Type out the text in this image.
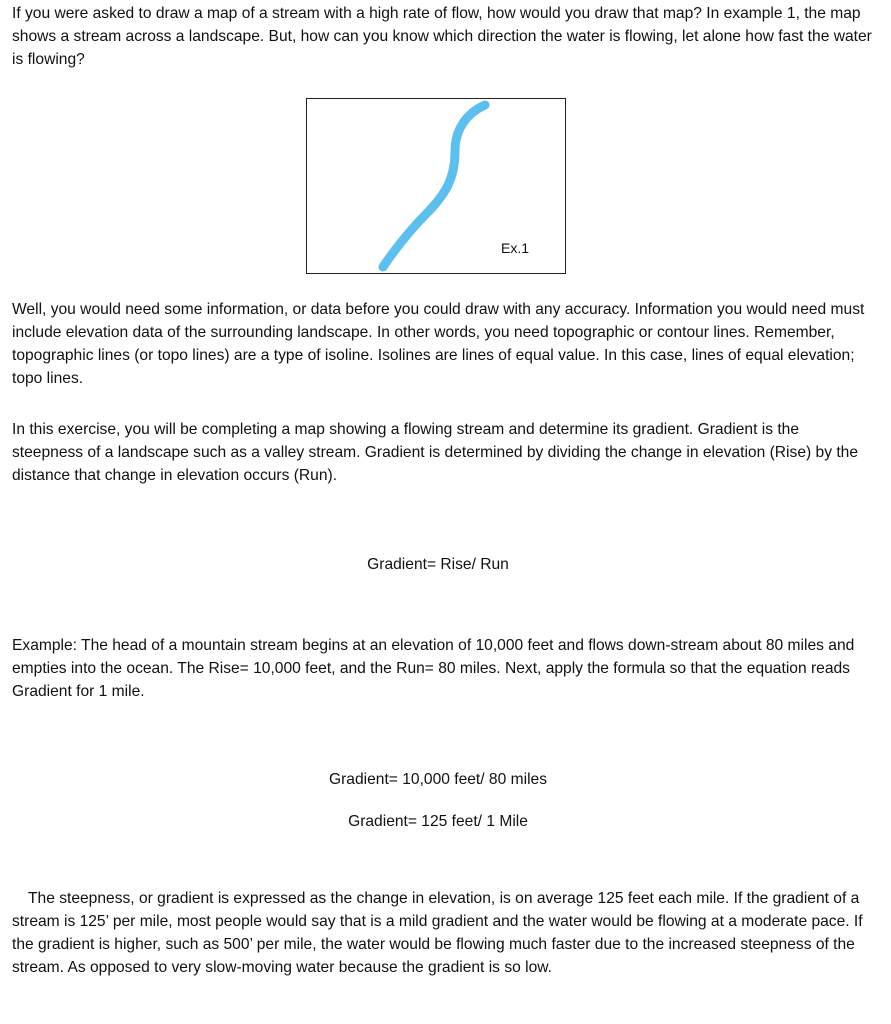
If you were asked to draw a map of a stream with a high rate of flow, how would you draw that map? In example 1, the map shows a stream across a landscape. But, how can you know which direction the water is flowing, let alone how fast the water is flowing?

Ex.1

Well, you would need some information, or data before you could draw with any accuracy. Information you would need must include elevation data of the surrounding landscape. In other words, you need topographic or contour lines. Remember, topographic lines (or topo lines) are a type of isoline. Isolines are lines of equal value. In this case, lines of equal elevation; topo lines.

In this exercise, you will be completing a map showing a flowing stream and determine its gradient. Gradient is the steepness of a landscape such as a valley stream. Gradient is determined by dividing the change in elevation (Rise) by the distance that change in elevation occurs (Run).

Gradient= Rise/ Run

Example: The head of a mountain stream begins at an elevation of 10,000 feet and flows down-stream about 80 miles and empties into the ocean. The Rise= 10,000 feet, and the Run= 80 miles. Next, apply the formula so that the equation reads Gradient for 1 mile.

Gradient= 10,000 feet/ 80 miles

Gradient= 125 feet/ 1 Mile

The steepness, or gradient is expressed as the change in elevation, is on average 125 feet each mile. If the gradient of a stream is 125’ per mile, most people would say that is a mild gradient and the water would be flowing at a moderate pace. If the gradient is higher, such as 500’ per mile, the water would be flowing much faster due to the increased steepness of the stream. As opposed to very slow-moving water because the gradient is so low.
